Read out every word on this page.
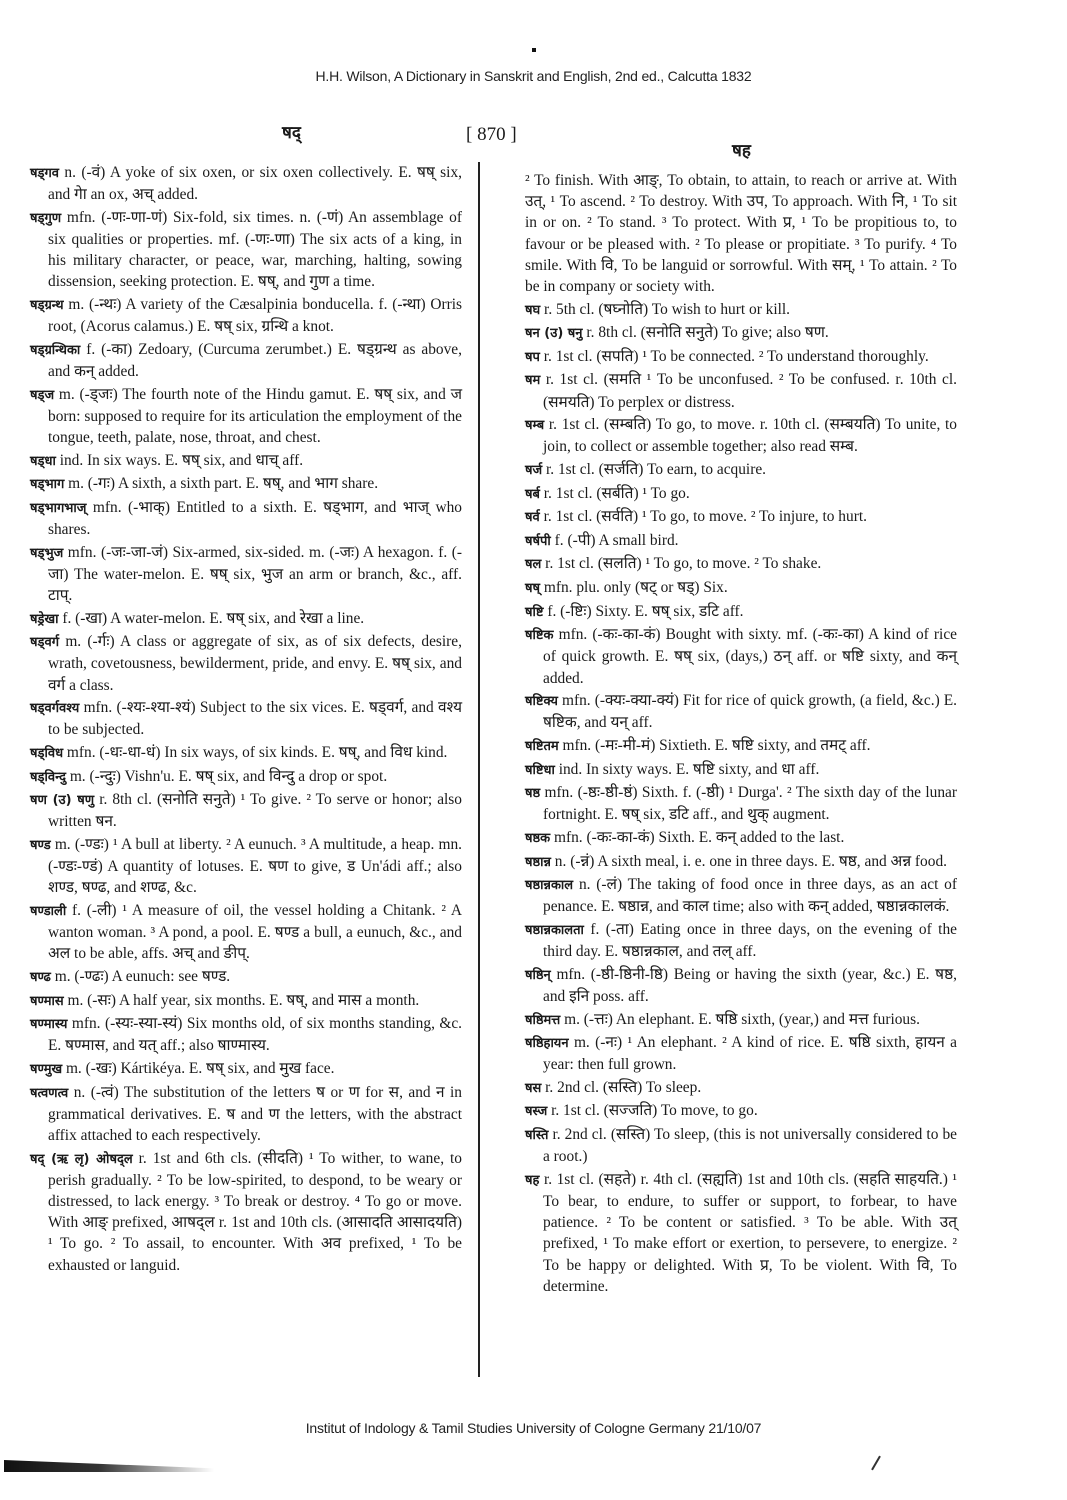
H.H. Wilson, A Dictionary in Sanskrit and English, 2nd ed., Calcutta 1832
षद्	[ 870 ]
षह

षड्गव n. (-वं) A yoke of six oxen, or six oxen collectively. E. षष् six, and गेा an ox, अच् added.

षड्गुण mfn. (-णः-णा-णं) Six-fold, six times. n. (-णं) An assemblage of six qualities or properties. mf. (-णः-णा) The six acts of a king, in his military character, or peace, war, marching, halting, sowing dissension, seeking protection. E. षष्, and गुण a time.

षड्ग्रन्थ m. (-न्थः) A variety of the Cæsalpinia bonducella. f. (-न्था) Orris root, (Acorus calamus.) E. षष् six, ग्रन्थि a knot.

षड्ग्रन्थिका f. (-का) Zedoary, (Curcuma zerumbet.) E. षड्ग्रन्थ as above, and कन् added.

षड्ज m. (-ड्जः) The fourth note of the Hindu gamut. E. षष् six, and ज born: supposed to require for its articulation the employment of the tongue, teeth, palate, nose, throat, and chest.

षड्धा ind. In six ways. E. षष् six, and धाच् aff.

षड्भाग m. (-गः) A sixth, a sixth part. E. षष्, and भाग share.

षड्भागभाज् mfn. (-भाक्) Entitled to a sixth. E. षड्भाग, and भाज् who shares.

षड्भुज mfn. (-जः-जा-जं) Six-armed, six-sided. m. (-जः) A hexagon. f. (-जा) The water-melon. E. षष् six, भुज an arm or branch, &c., aff. टाप्.

षड्रेखा f. (-खा) A water-melon. E. षष् six, and रेखा a line.

षड्वर्ग m. (-र्गः) A class or aggregate of six, as of six defects, desire, wrath, covetousness, bewilderment, pride, and envy. E. षष् six, and वर्ग a class.

षड्वर्गवश्य mfn. (-श्यः-श्या-श्यं) Subject to the six vices. E. षड्वर्ग, and वश्य to be subjected.

षड्विध mfn. (-धः-धा-धं) In six ways, of six kinds. E. षष्, and विध kind.

षड्विन्दु m. (-न्दुः) Vishn'u. E. षष् six, and विन्दु a drop or spot.

षण (उ) षणु r. 8th cl. (सनोति सनुते) ¹ To give. ² To serve or honor; also written षन.

षण्ड m. (-ण्डः) ¹ A bull at liberty. ² A eunuch. ³ A multitude, a heap. mn. (-ण्डः-ण्डं) A quantity of lotuses. E. षण to give, ड Un'ádi aff.; also शण्ड, षण्ढ, and शण्ढ, &c.

षण्डाली f. (-ली) ¹ A measure of oil, the vessel holding a Chitank. ² A wanton woman. ³ A pond, a pool. E. षण्ड a bull, a eunuch, &c., and अल to be able, affs. अच् and ङीप्.

षण्ढ m. (-ण्ढः) A eunuch: see षण्ड.

षण्मास m. (-सः) A half year, six months. E. षष्, and मास a month.

षण्मास्य mfn. (-स्यः-स्या-स्यं) Six months old, of six months standing, &c. E. षण्मास, and यत् aff.; also षाण्मास्य.

षण्मुख m. (-खः) Kártikéya. E. षष् six, and मुख face.

षत्वणत्व n. (-त्वं) The substitution of the letters ष or ण for स, and न in grammatical derivatives. E. ष and ण the letters, with the abstract affix attached to each respectively.

षद् (ऋ लृ) ओषद्ल r. 1st and 6th cls. (सीदति) ¹ To wither, to wane, to perish gradually. ² To be low-spirited, to despond, to be weary or distressed, to lack energy. ³ To break or destroy. ⁴ To go or move. With आङ् prefixed, आषद्ल r. 1st and 10th cls. (आसादति आसादयति) ¹ To go. ² To assail, to encounter. With अव prefixed, ¹ To be exhausted or languid.

² To finish. With आङ्, To obtain, to attain, to reach or arrive at. With उत्, ¹ To ascend. ² To destroy. With उप, To approach. With नि, ¹ To sit in or on. ² To stand. ³ To protect. With प्र, ¹ To be propitious to, to favour or be pleased with. ² To please or propitiate. ³ To purify. ⁴ To smile. With वि, To be languid or sorrowful. With सम्, ¹ To attain. ² To be in company or society with.

षघ r. 5th cl. (षघ्नोति) To wish to hurt or kill.

षन (उ) षनु r. 8th cl. (सनोति सनुते) To give; also षण.

षप r. 1st cl. (सपति) ¹ To be connected. ² To understand thoroughly.

षम r. 1st cl. (समति ¹ To be unconfused. ² To be confused. r. 10th cl. (समयति) To perplex or distress.

षम्ब r. 1st cl. (सम्बति) To go, to move. r. 10th cl. (सम्बयति) To unite, to join, to collect or assemble together; also read सम्ब.

षर्ज r. 1st cl. (सर्जति) To earn, to acquire.

षर्ब r. 1st cl. (सर्बति) ¹ To go.

षर्व r. 1st cl. (सर्वति) ¹ To go, to move. ² To injure, to hurt.

षर्षपी f. (-पी) A small bird.

षल r. 1st cl. (सलति) ¹ To go, to move. ² To shake.

षष् mfn. plu. only (षट् or षड्) Six.

षष्टि f. (-ष्टिः) Sixty. E. षष् six, डटि aff.

षष्टिक mfn. (-कः-का-कं) Bought with sixty. mf. (-कः-का) A kind of rice of quick growth. E. षष् six, (days,) ठन् aff. or षष्टि sixty, and कन् added.

षष्टिक्य mfn. (-क्यः-क्या-क्यं) Fit for rice of quick growth, (a field, &c.) E. षष्टिक, and यन् aff.

षष्टितम mfn. (-मः-मी-मं) Sixtieth. E. षष्टि sixty, and तमट् aff.

षष्टिधा ind. In sixty ways. E. षष्टि sixty, and धा aff.

षष्ठ mfn. (-ष्ठः-ष्ठी-ष्ठं) Sixth. f. (-ष्ठी) ¹ Durga'. ² The sixth day of the lunar fortnight. E. षष् six, डटि aff., and थुक् augment.

षष्ठक mfn. (-कः-का-कं) Sixth. E. कन् added to the last.

षष्ठान्न n. (-न्नं) A sixth meal, i. e. one in three days. E. षष्ठ, and अन्न food.

षष्ठान्नकाल n. (-लं) The taking of food once in three days, as an act of penance. E. षष्ठान्न, and काल time; also with कन् added, षष्ठान्नकालकं.

षष्ठान्नकालता f. (-ता) Eating once in three days, on the evening of the third day. E. षष्ठान्नकाल, and तल् aff.

षष्ठिन् mfn. (-ष्ठी-ष्ठिनी-ष्ठि) Being or having the sixth (year, &c.) E. षष्ठ, and इनि poss. aff.

षष्ठिमत्त m. (-त्तः) An elephant. E. षष्ठि sixth, (year,) and मत्त furious.

षष्ठिहायन m. (-नः) ¹ An elephant. ² A kind of rice. E. षष्ठि sixth, हायन a year: then full grown.

षस r. 2nd cl. (सस्ति) To sleep.

षस्ज r. 1st cl. (सज्जति) To move, to go.

षस्ति r. 2nd cl. (सस्ति) To sleep, (this is not universally considered to be a root.)

षह r. 1st cl. (सहते) r. 4th cl. (सह्यति) 1st and 10th cls. (सहति साहयति.) ¹ To bear, to endure, to suffer or support, to forbear, to have patience. ² To be content or satisfied. ³ To be able. With उत् prefixed, ¹ To make effort or exertion, to persevere, to energize. ² To be happy or delighted. With प्र, To be violent. With वि, To determine.

Institut of Indology & Tamil Studies University of Cologne Germany 21/10/07
